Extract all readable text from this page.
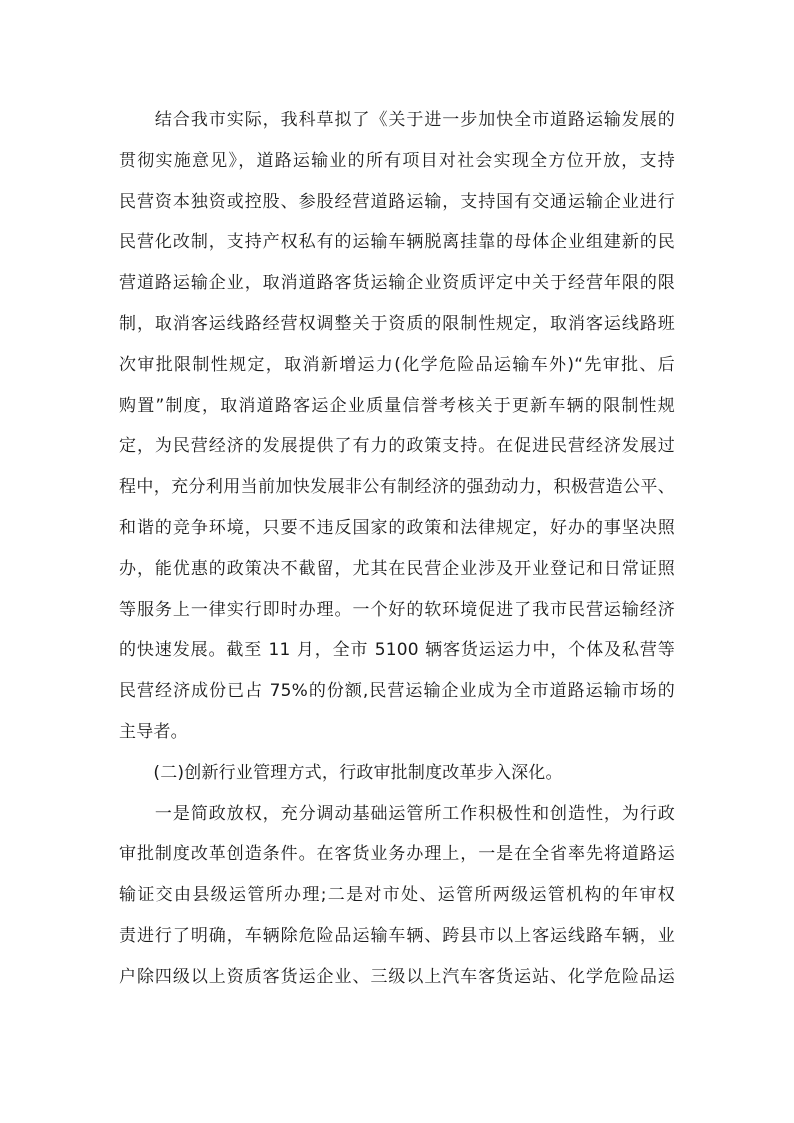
　　结合我市实际，我科草拟了《关于进一步加快全市道路运输发展的
贯彻实施意见》，道路运输业的所有项目对社会实现全方位开放，支持
民营资本独资或控股、参股经营道路运输，支持国有交通运输企业进行
民营化改制，支持产权私有的运输车辆脱离挂靠的母体企业组建新的民
营道路运输企业，取消道路客货运输企业资质评定中关于经营年限的限
制，取消客运线路经营权调整关于资质的限制性规定，取消客运线路班
次审批限制性规定，取消新增运力(化学危险品运输车外)“先审批、后
购置”制度，取消道路客运企业质量信誉考核关于更新车辆的限制性规
定，为民营经济的发展提供了有力的政策支持。在促进民营经济发展过
程中，充分利用当前加快发展非公有制经济的强劲动力，积极营造公平、
和谐的竞争环境，只要不违反国家的政策和法律规定，好办的事坚决照
办，能优惠的政策决不截留，尤其在民营企业涉及开业登记和日常证照
等服务上一律实行即时办理。一个好的软环境促进了我市民营运输经济
的快速发展。截至 11 月，全市 5100 辆客货运运力中，个体及私营等
民营经济成份已占 75%的份额,民营运输企业成为全市道路运输市场的
主导者。
　　(二)创新行业管理方式，行政审批制度改革步入深化。
　　一是简政放权，充分调动基础运管所工作积极性和创造性，为行政
审批制度改革创造条件。在客货业务办理上，一是在全省率先将道路运
输证交由县级运管所办理;二是对市处、运管所两级运管机构的年审权
责进行了明确，车辆除危险品运输车辆、跨县市以上客运线路车辆，业
户除四级以上资质客货运企业、三级以上汽车客货运站、化学危险品运
